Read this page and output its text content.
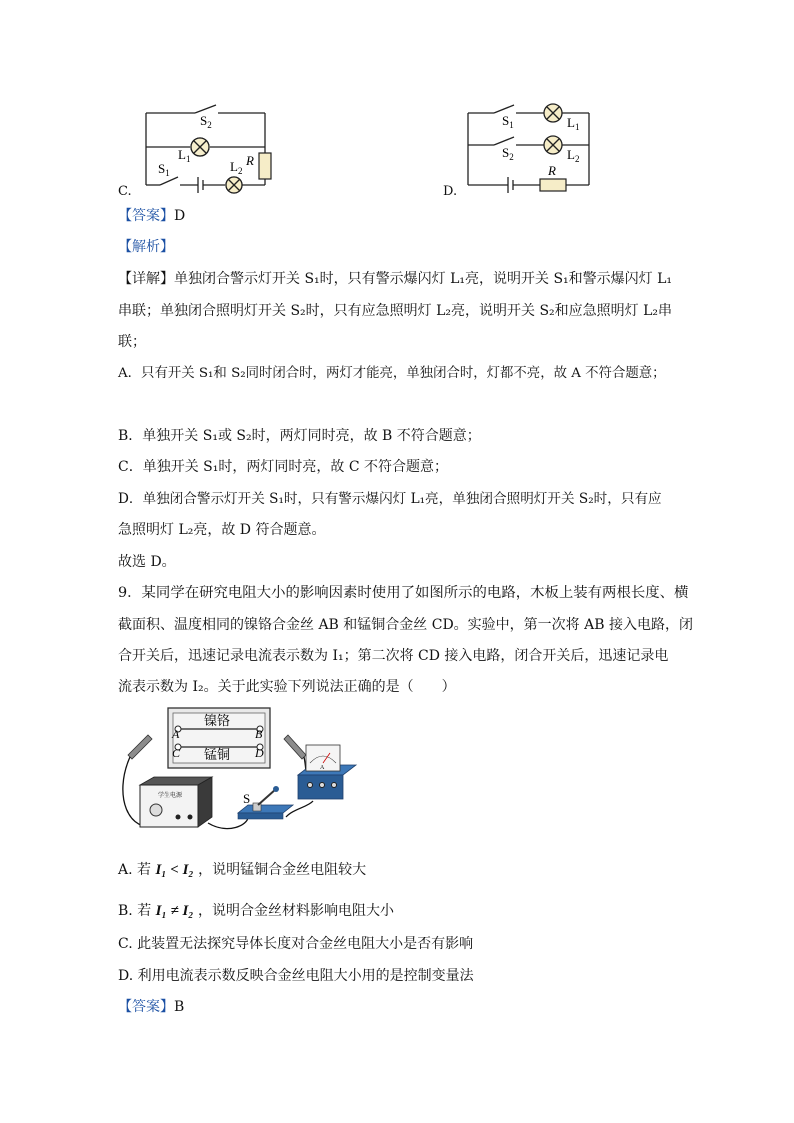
$S_2$
$L_1$
$S_1$	$L_2$
R
C.
$S_1$	$L_1$
$S_2$	$L_2$
R
D.
【答案】D
【解析】
【详解】单独闭合警示灯开关 S₁时，只有警示爆闪灯 L₁亮，说明开关 S₁和警示爆闪灯 L₁
串联；单独闭合照明灯开关 S₂时，只有应急照明灯 L₂亮，说明开关 S₂和应急照明灯 L₂串
联；
A．只有开关 S₁和 S₂同时闭合时，两灯才能亮，单独闭合时，灯都不亮，故 A 不符合题意；
B．单独开关 S₁或 S₂时，两灯同时亮，故 B 不符合题意；
C．单独开关 S₁时，两灯同时亮，故 C 不符合题意；
D．单独闭合警示灯开关 S₁时，只有警示爆闪灯 L₁亮，单独闭合照明灯开关 S₂时，只有应
急照明灯 L₂亮，故 D 符合题意。
故选 D。
9．某同学在研究电阻大小的影响因素时使用了如图所示的电路，木板上装有两根长度、横
截面积、温度相同的镍铬合金丝 AB 和锰铜合金丝 CD。实验中，第一次将 AB 接入电路，闭
合开关后，迅速记录电流表示数为 I₁；第二次将 CD 接入电路，闭合开关后，迅速记录电
流表示数为 I₂。关于此实验下列说法正确的是（　　）
镍铬
锰铜
A	B
C	D
学生电源	S
A
A. 若 I₁ < I₂ ，说明锰铜合金丝电阻较大
B. 若 I₁ ≠ I₂ ，说明合金丝材料影响电阻大小
C. 此装置无法探究导体长度对合金丝电阻大小是否有影响
D. 利用电流表示数反映合金丝电阻大小用的是控制变量法
【答案】B
